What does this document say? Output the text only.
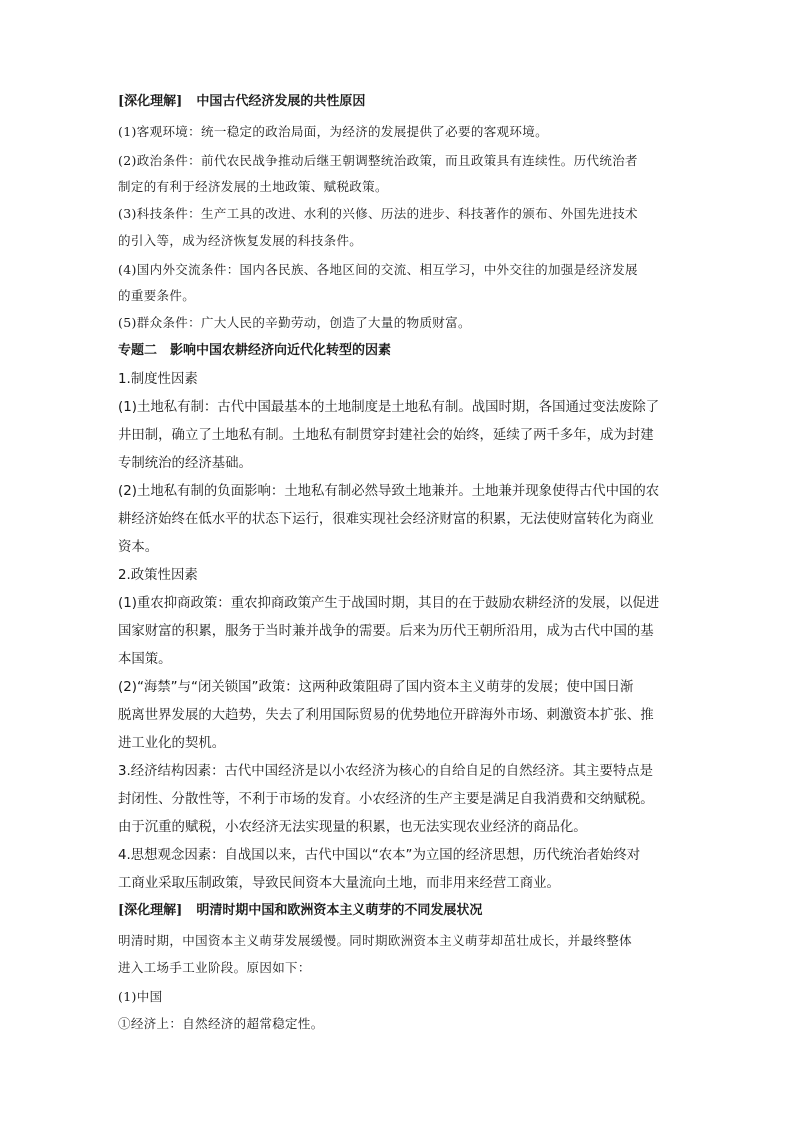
[深化理解] 中国古代经济发展的共性原因
(1)客观环境：统一稳定的政治局面，为经济的发展提供了必要的客观环境。
(2)政治条件：前代农民战争推动后继王朝调整统治政策，而且政策具有连续性。历代统治者
制定的有利于经济发展的土地政策、赋税政策。
(3)科技条件：生产工具的改进、水利的兴修、历法的进步、科技著作的颁布、外国先进技术
的引入等，成为经济恢复发展的科技条件。
(4)国内外交流条件：国内各民族、各地区间的交流、相互学习，中外交往的加强是经济发展
的重要条件。
(5)群众条件：广大人民的辛勤劳动，创造了大量的物质财富。
专题二　影响中国农耕经济向近代化转型的因素
1.制度性因素
(1)土地私有制：古代中国最基本的土地制度是土地私有制。战国时期，各国通过变法废除了
井田制，确立了土地私有制。土地私有制贯穿封建社会的始终，延续了两千多年，成为封建
专制统治的经济基础。
(2)土地私有制的负面影响：土地私有制必然导致土地兼并。土地兼并现象使得古代中国的农
耕经济始终在低水平的状态下运行，很难实现社会经济财富的积累，无法使财富转化为商业
资本。
2.政策性因素
(1)重农抑商政策：重农抑商政策产生于战国时期，其目的在于鼓励农耕经济的发展，以促进
国家财富的积累，服务于当时兼并战争的需要。后来为历代王朝所沿用，成为古代中国的基
本国策。
(2)“海禁”与“闭关锁国”政策：这两种政策阻碍了国内资本主义萌芽的发展；使中国日渐
脱离世界发展的大趋势，失去了利用国际贸易的优势地位开辟海外市场、刺激资本扩张、推
进工业化的契机。
3.经济结构因素：古代中国经济是以小农经济为核心的自给自足的自然经济。其主要特点是
封闭性、分散性等，不利于市场的发育。小农经济的生产主要是满足自我消费和交纳赋税。
由于沉重的赋税，小农经济无法实现量的积累，也无法实现农业经济的商品化。
4.思想观念因素：自战国以来，古代中国以“农本”为立国的经济思想，历代统治者始终对
工商业采取压制政策，导致民间资本大量流向土地，而非用来经营工商业。
[深化理解] 明清时期中国和欧洲资本主义萌芽的不同发展状况
明清时期，中国资本主义萌芽发展缓慢。同时期欧洲资本主义萌芽却茁壮成长，并最终整体
进入工场手工业阶段。原因如下：
(1)中国
①经济上：自然经济的超常稳定性。
